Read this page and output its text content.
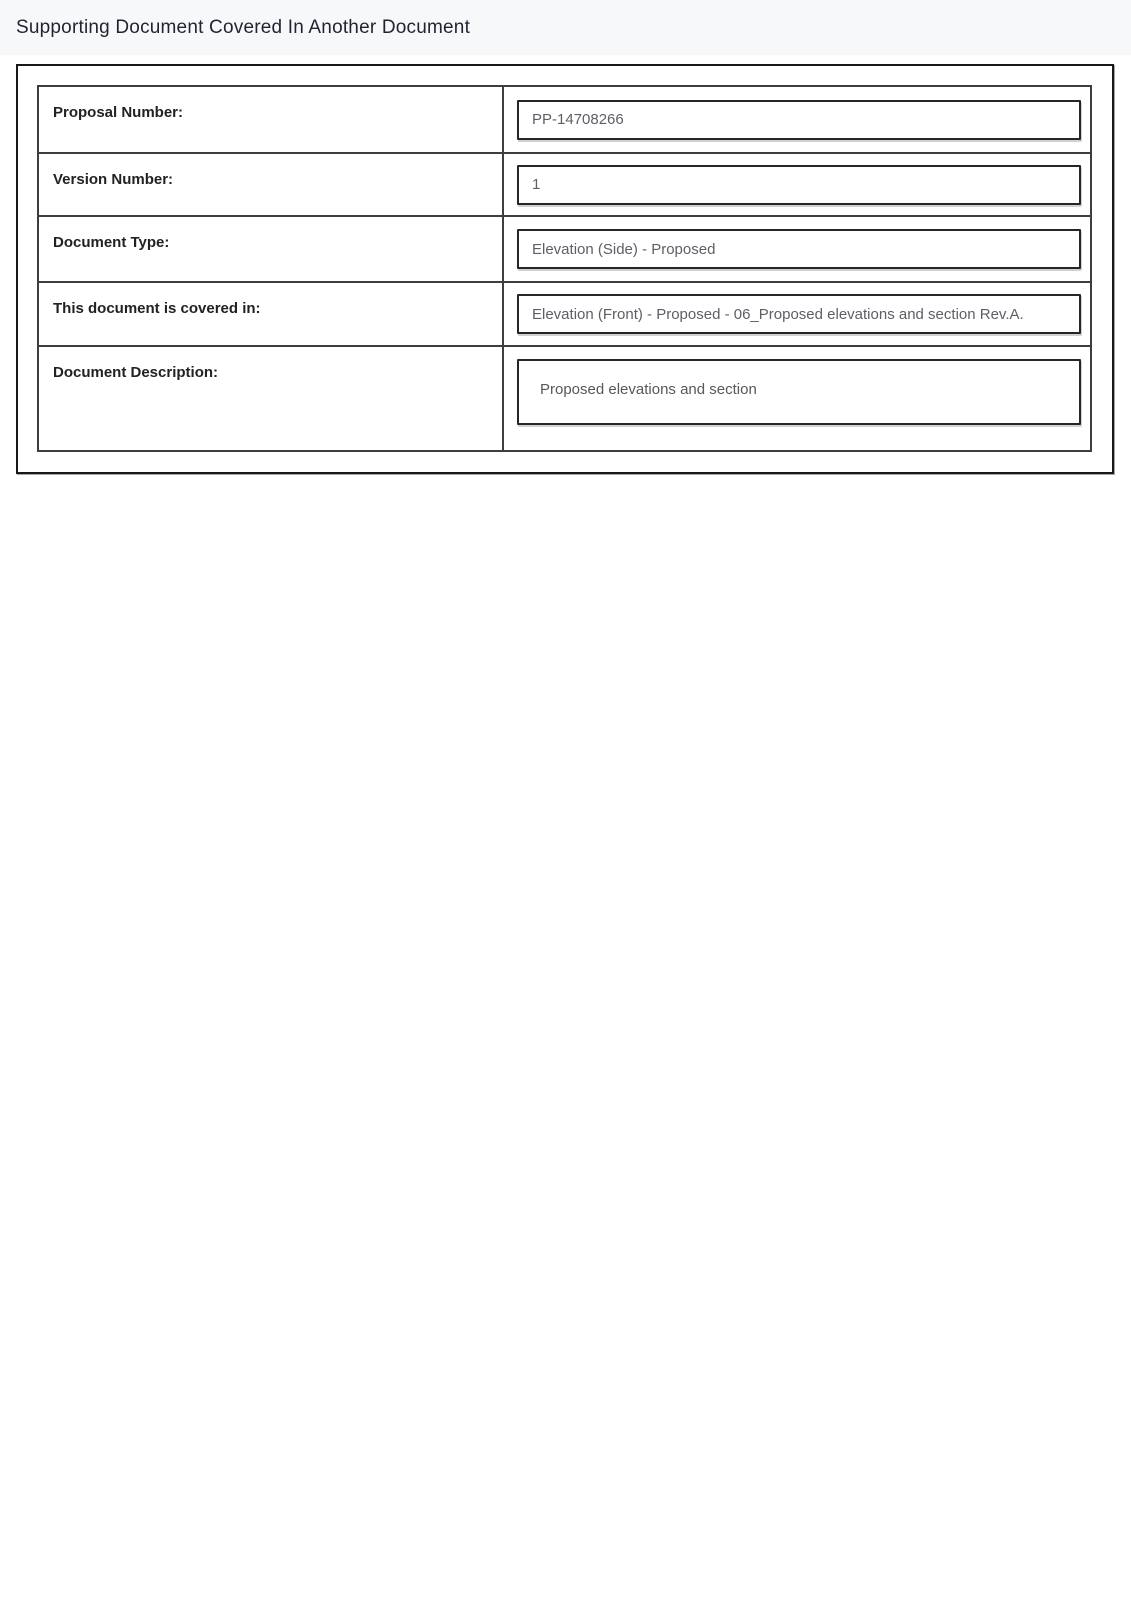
Supporting Document Covered In Another Document
Proposal Number:
PP-14708266
Version Number:
1
Document Type:
Elevation (Side) - Proposed
This document is covered in:
Elevation (Front) - Proposed - 06_Proposed elevations and section Rev.A.
Document Description:
Proposed elevations and section
